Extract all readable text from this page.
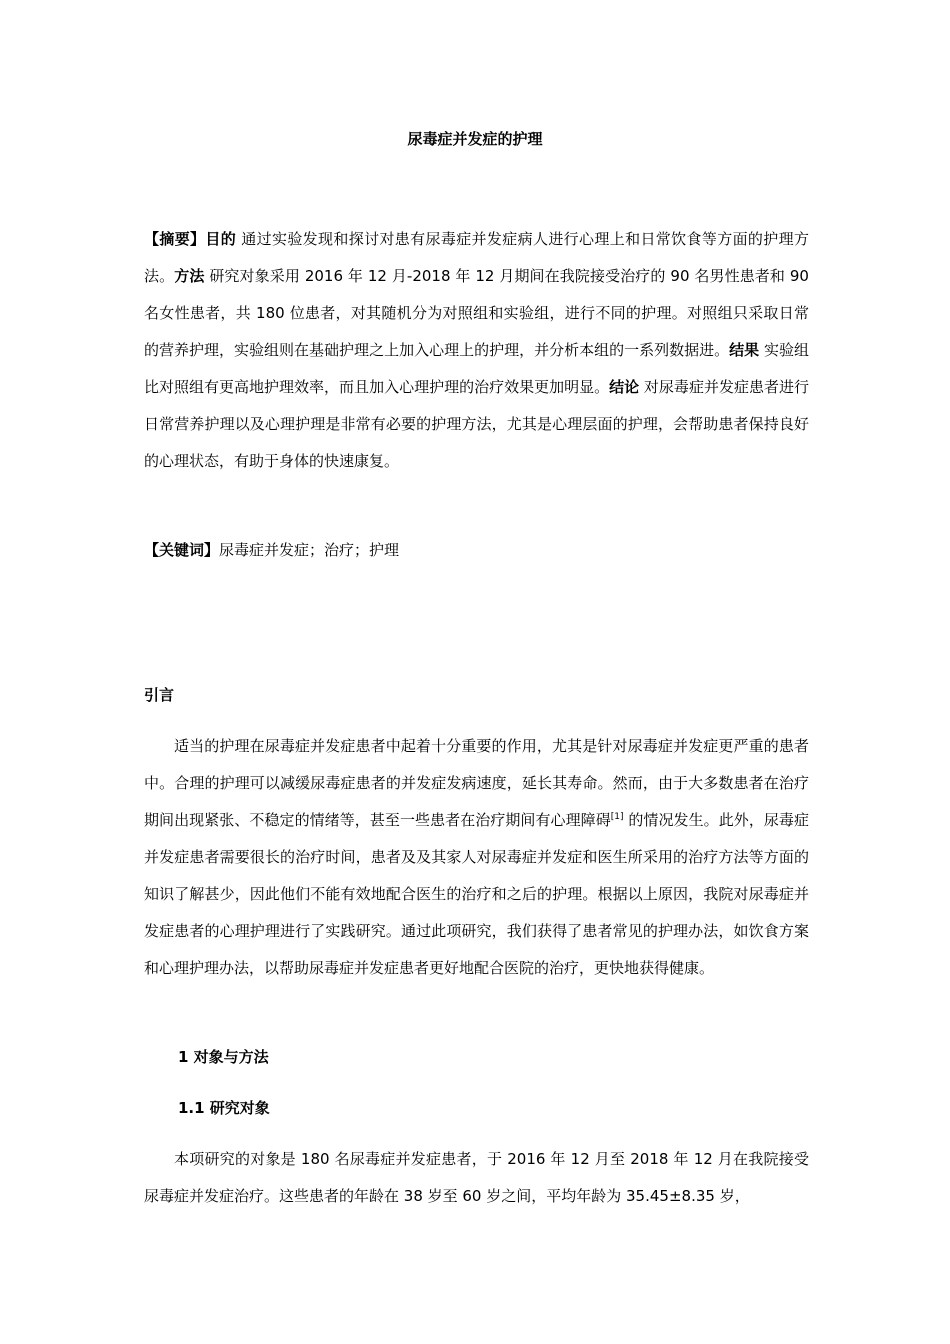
尿毒症并发症的护理
【摘要】目的 通过实验发现和探讨对患有尿毒症并发症病人进行心理上和日常饮食等方面的护理方法。方法 研究对象采用 2016 年 12 月-2018 年 12 月期间在我院接受治疗的 90 名男性患者和 90 名女性患者，共 180 位患者，对其随机分为对照组和实验组，进行不同的护理。对照组只采取日常的营养护理，实验组则在基础护理之上加入心理上的护理，并分析本组的一系列数据进。结果 实验组比对照组有更高地护理效率，而且加入心理护理的治疗效果更加明显。结论 对尿毒症并发症患者进行日常营养护理以及心理护理是非常有必要的护理方法，尤其是心理层面的护理，会帮助患者保持良好的心理状态，有助于身体的快速康复。
【关键词】尿毒症并发症；治疗；护理
引言
适当的护理在尿毒症并发症患者中起着十分重要的作用，尤其是针对尿毒症并发症更严重的患者中。合理的护理可以减缓尿毒症患者的并发症发病速度，延长其寿命。然而，由于大多数患者在治疗期间出现紧张、不稳定的情绪等，甚至一些患者在治疗期间有心理障碍[1] 的情况发生。此外，尿毒症并发症患者需要很长的治疗时间，患者及及其家人对尿毒症并发症和医生所采用的治疗方法等方面的知识了解甚少，因此他们不能有效地配合医生的治疗和之后的护理。根据以上原因，我院对尿毒症并发症患者的心理护理进行了实践研究。通过此项研究，我们获得了患者常见的护理办法，如饮食方案和心理护理办法，以帮助尿毒症并发症患者更好地配合医院的治疗，更快地获得健康。
1 对象与方法
1.1 研究对象
本项研究的对象是 180 名尿毒症并发症患者，于 2016 年 12 月至 2018 年 12 月在我院接受尿毒症并发症治疗。这些患者的年龄在 38 岁至 60 岁之间，平均年龄为 35.45±8.35 岁，
